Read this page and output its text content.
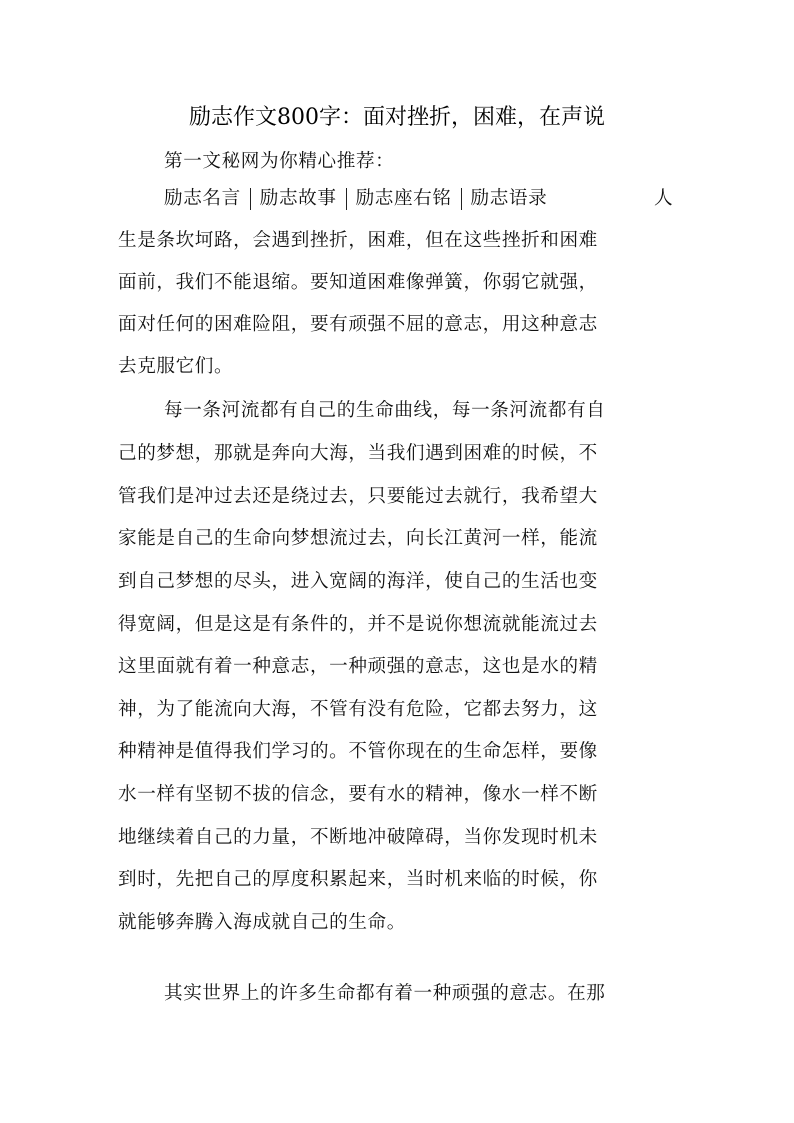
励志作文800字：面对挫折，困难，在声说
第一文秘网为你精心推荐：
励志名言 励志故事 励志座右铭 励志语录	人
生是条坎坷路，会遇到挫折，困难，但在这些挫折和困难
面前，我们不能退缩。要知道困难像弹簧，你弱它就强，
面对任何的困难险阻，要有顽强不屈的意志，用这种意志
去克服它们。
每一条河流都有自己的生命曲线，每一条河流都有自
己的梦想，那就是奔向大海，当我们遇到困难的时候，不
管我们是冲过去还是绕过去，只要能过去就行，我希望大
家能是自己的生命向梦想流过去，向长江黄河一样，能流
到自己梦想的尽头，进入宽阔的海洋，使自己的生活也变
得宽阔，但是这是有条件的，并不是说你想流就能流过去
这里面就有着一种意志，一种顽强的意志，这也是水的精
神，为了能流向大海，不管有没有危险，它都去努力，这
种精神是值得我们学习的。不管你现在的生命怎样，要像
水一样有坚韧不拔的信念，要有水的精神，像水一样不断
地继续着自己的力量，不断地冲破障碍，当你发现时机未
到时，先把自己的厚度积累起来，当时机来临的时候，你
就能够奔腾入海成就自己的生命。
其实世界上的许多生命都有着一种顽强的意志。在那
